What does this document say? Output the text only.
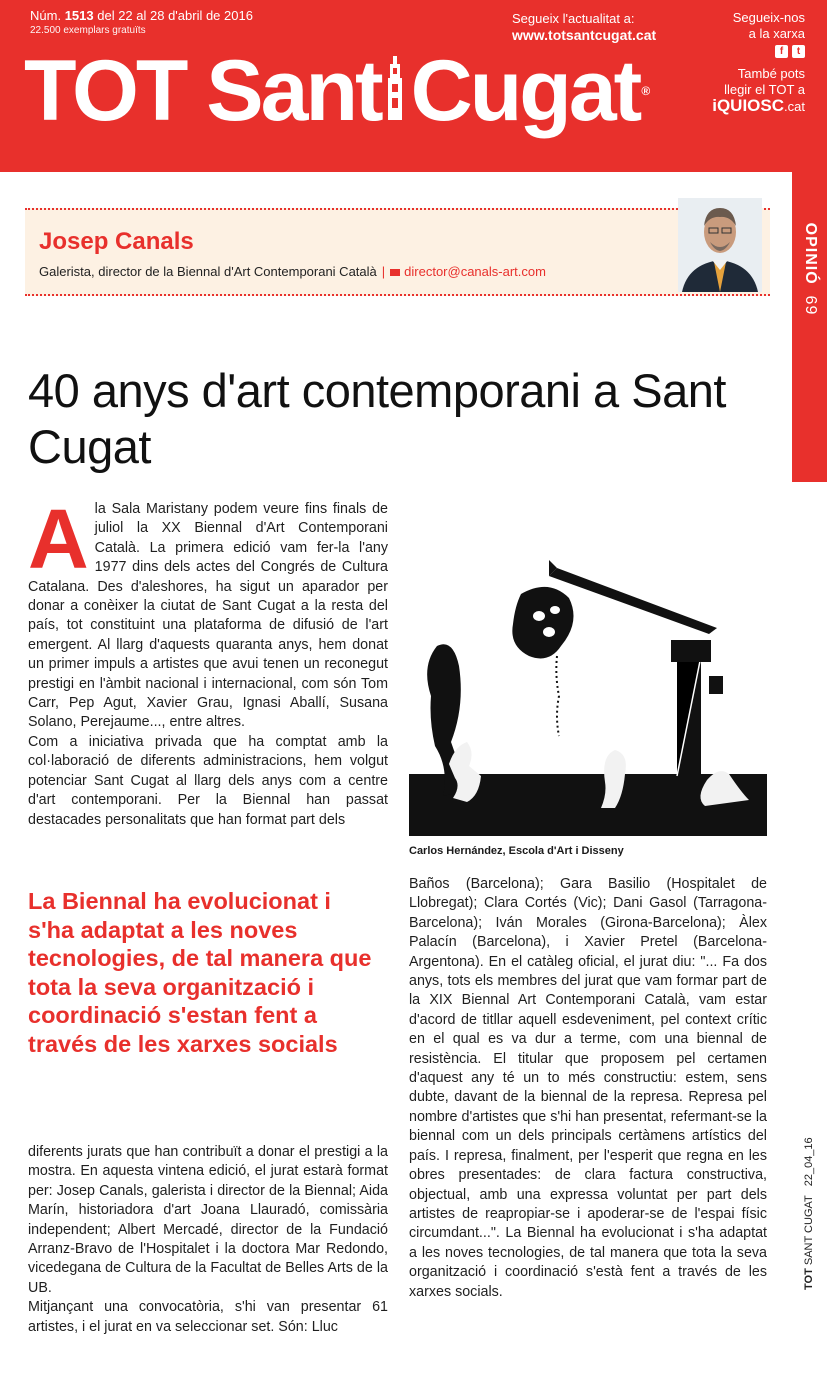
Núm. 1513 del 22 al 28 d'abril de 2016
22.500 exemplars gratuïts
TOT Sant Cugat ®
Segueix l'actualitat a:
www.totsantcugat.cat
Segueix-nos
a la xarxa
f	t
També pots
llegir el TOT a
iQUIOSC.cat
OPINIÓ  69
Josep Canals
Galerista, director de la Biennal d'Art Contemporani Català | director@canals-art.com
40 anys d'art contemporani a Sant Cugat

Ala Sala Maristany podem veure fins finals de juliol la XX Biennal d'Art Contemporani Català. La primera edició vam fer-la l'any 1977 dins dels actes del Congrés de Cultura Catalana. Des d'aleshores, ha sigut un aparador per donar a conèixer la ciutat de Sant Cugat a la resta del país, tot constituint una plataforma de difusió de l'art emergent. Al llarg d'aquests quaranta anys, hem donat un primer impuls a artistes que avui tenen un reconegut prestigi en l'àmbit nacional i internacional, com són Tom Carr, Pep Agut, Xavier Grau, Ignasi Aballí, Susana Solano, Perejaume..., entre altres.

Com a iniciativa privada que ha comptat amb la col·laboració de diferents administracions, hem volgut potenciar Sant Cugat al llarg dels anys com a centre d'art contemporani. Per la Biennal han passat destacades personalitats que han format part dels

La Biennal ha evolucionat i s'ha adaptat a les noves tecnologies, de tal manera que tota la seva organització i coordinació s'estan fent a través de les xarxes socials

diferents jurats que han contribuït a donar el prestigi a la mostra. En aquesta vintena edició, el jurat estarà format per: Josep Canals, galerista i director de la Biennal; Aida Marín, historiadora d'art Joana Llauradó, comissària independent; Albert Mercadé, director de la Fundació Arranz-Bravo de l'Hospitalet i la doctora Mar Redondo, vicedegana de Cultura de la Facultat de Belles Arts de la UB.

Mitjançant una convocatòria, s'hi van presentar 61 artistes, i el jurat en va seleccionar set. Són: Lluc

Carlos Hernández, Escola d'Art i Disseny

Baños (Barcelona); Gara Basilio (Hospitalet de Llobregat); Clara Cortés (Vic); Dani Gasol (Tarragona-Barcelona); Iván Morales (Girona-Barcelona); Àlex Palacín (Barcelona), i Xavier Pretel (Barcelona-Argentona). En el catàleg oficial, el jurat diu: "... Fa dos anys, tots els membres del jurat que vam formar part de la XIX Biennal Art Contemporani Català, vam estar d'acord de titllar aquell esdeveniment, pel context crític en el qual es va dur a terme, com una biennal de resistència. El titular que proposem pel certamen d'aquest any té un to més constructiu: estem, sens dubte, davant de la biennal de la represa. Represa pel nombre d'artistes que s'hi han presentat, refermant-se la biennal com un dels principals certàmens artístics del país. I represa, finalment, per l'esperit que regna en les obres presentades: de clara factura constructiva, objectual, amb una expressa voluntat per part dels artistes de reapropiar-se i apoderar-se de l'espai físic circumdant...". La Biennal ha evolucionat i s'ha adaptat a les noves tecnologies, de tal manera que tota la seva organització i coordinació s'està fent a través de les xarxes socials.

TOT SANT CUGAT   22_04_16
